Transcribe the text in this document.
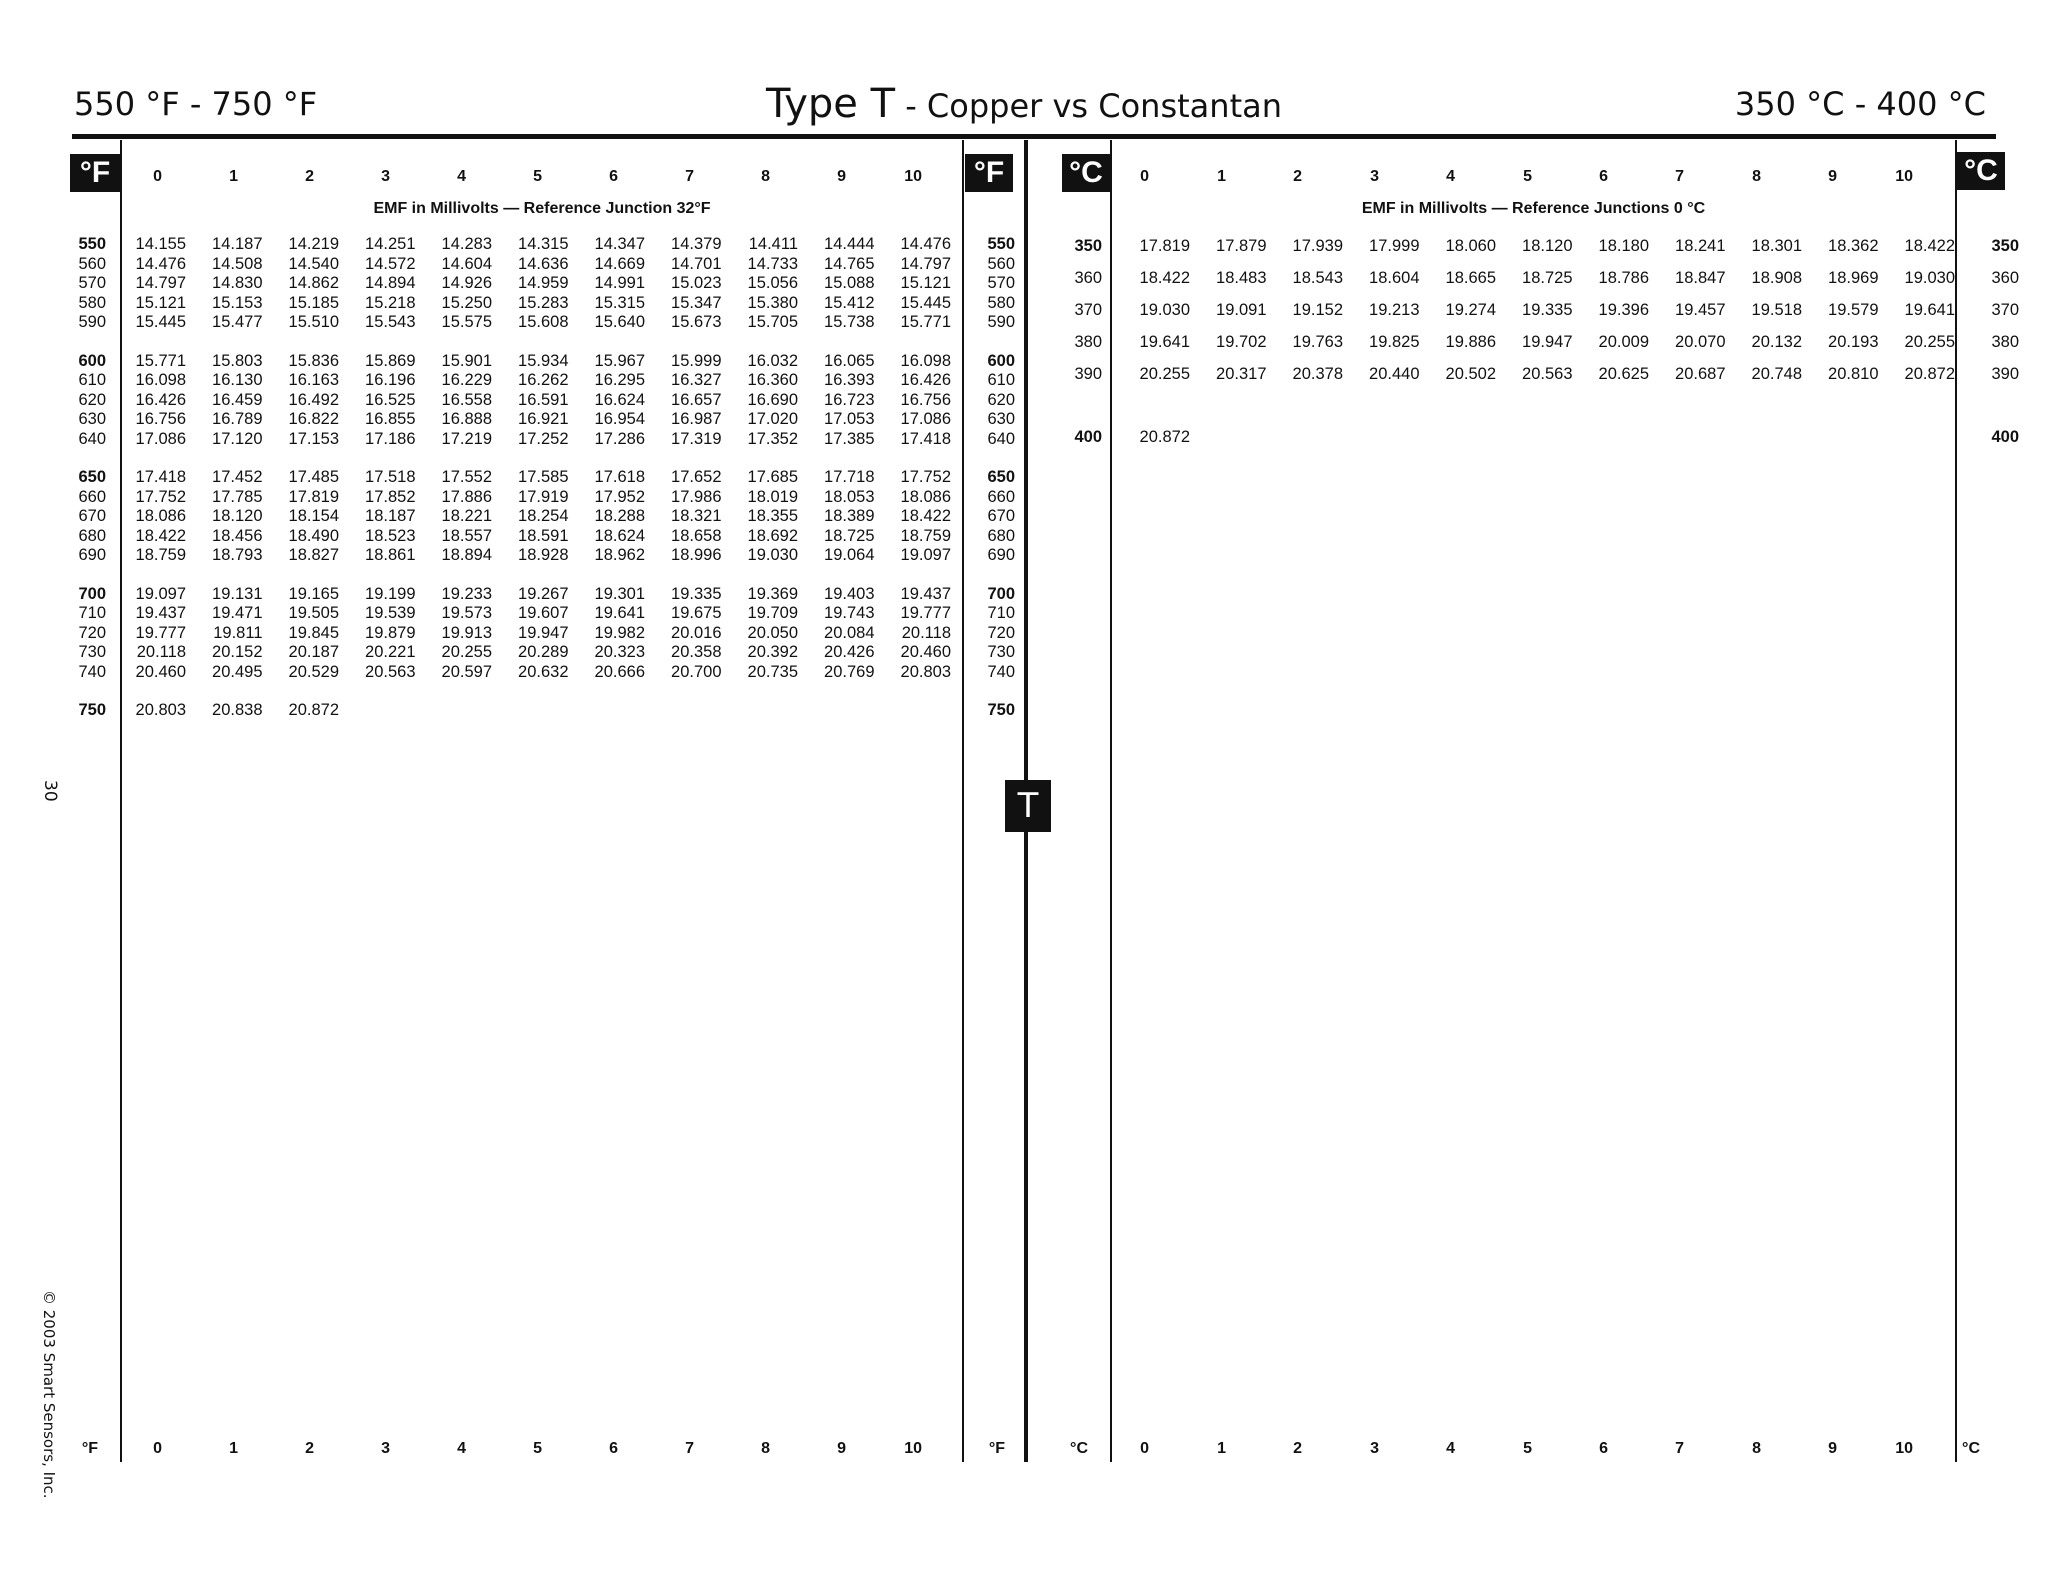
550 °F - 750 °F	Type T - Copper vs Constantan	350 °C - 400 °C
°F	°F °C	°C
0	1	2	3	4	5	6	7	8	9	10	0	1	2	3	4	5	6	7	8	9	10
EMF in Millivolts — Reference Junction 32°F	EMF in Millivolts — Reference Junctions 0 °C
550		14.155	14.187	14.219	14.251	14.283	14.315	14.347	14.379	14.411	14.444	14.476	550
560		14.476	14.508	14.540	14.572	14.604	14.636	14.669	14.701	14.733	14.765	14.797	560
570		14.797	14.830	14.862	14.894	14.926	14.959	14.991	15.023	15.056	15.088	15.121	570
580		15.121	15.153	15.185	15.218	15.250	15.283	15.315	15.347	15.380	15.412	15.445	580
590		15.445	15.477	15.510	15.543	15.575	15.608	15.640	15.673	15.705	15.738	15.771	590

600		15.771	15.803	15.836	15.869	15.901	15.934	15.967	15.999	16.032	16.065	16.098	600
610		16.098	16.130	16.163	16.196	16.229	16.262	16.295	16.327	16.360	16.393	16.426	610
620		16.426	16.459	16.492	16.525	16.558	16.591	16.624	16.657	16.690	16.723	16.756	620
630		16.756	16.789	16.822	16.855	16.888	16.921	16.954	16.987	17.020	17.053	17.086	630
640		17.086	17.120	17.153	17.186	17.219	17.252	17.286	17.319	17.352	17.385	17.418	640

650		17.418	17.452	17.485	17.518	17.552	17.585	17.618	17.652	17.685	17.718	17.752	650
660		17.752	17.785	17.819	17.852	17.886	17.919	17.952	17.986	18.019	18.053	18.086	660
670		18.086	18.120	18.154	18.187	18.221	18.254	18.288	18.321	18.355	18.389	18.422	670
680		18.422	18.456	18.490	18.523	18.557	18.591	18.624	18.658	18.692	18.725	18.759	680
690		18.759	18.793	18.827	18.861	18.894	18.928	18.962	18.996	19.030	19.064	19.097	690

700		19.097	19.131	19.165	19.199	19.233	19.267	19.301	19.335	19.369	19.403	19.437	700
710		19.437	19.471	19.505	19.539	19.573	19.607	19.641	19.675	19.709	19.743	19.777	710
720		19.777	19.811	19.845	19.879	19.913	19.947	19.982	20.016	20.050	20.084	20.118	720
730		20.118	20.152	20.187	20.221	20.255	20.289	20.323	20.358	20.392	20.426	20.460	730
740		20.460	20.495	20.529	20.563	20.597	20.632	20.666	20.700	20.735	20.769	20.803	740

750		20.803	20.838	20.872									750
350		17.819	17.879	17.939	17.999	18.060	18.120	18.180	18.241	18.301	18.362	18.422	350
360		18.422	18.483	18.543	18.604	18.665	18.725	18.786	18.847	18.908	18.969	19.030	360
370		19.030	19.091	19.152	19.213	19.274	19.335	19.396	19.457	19.518	19.579	19.641	370
380		19.641	19.702	19.763	19.825	19.886	19.947	20.009	20.070	20.132	20.193	20.255	380
390		20.255	20.317	20.378	20.440	20.502	20.563	20.625	20.687	20.748	20.810	20.872	390

400		20.872											400
T
30
© 2003 Smart Sensors, Inc.	°F	0	1	2	3	4	5	6	7	8	9	10	°F	°C	0	1	2	3	4	5	6	7	8	9	10	°C
